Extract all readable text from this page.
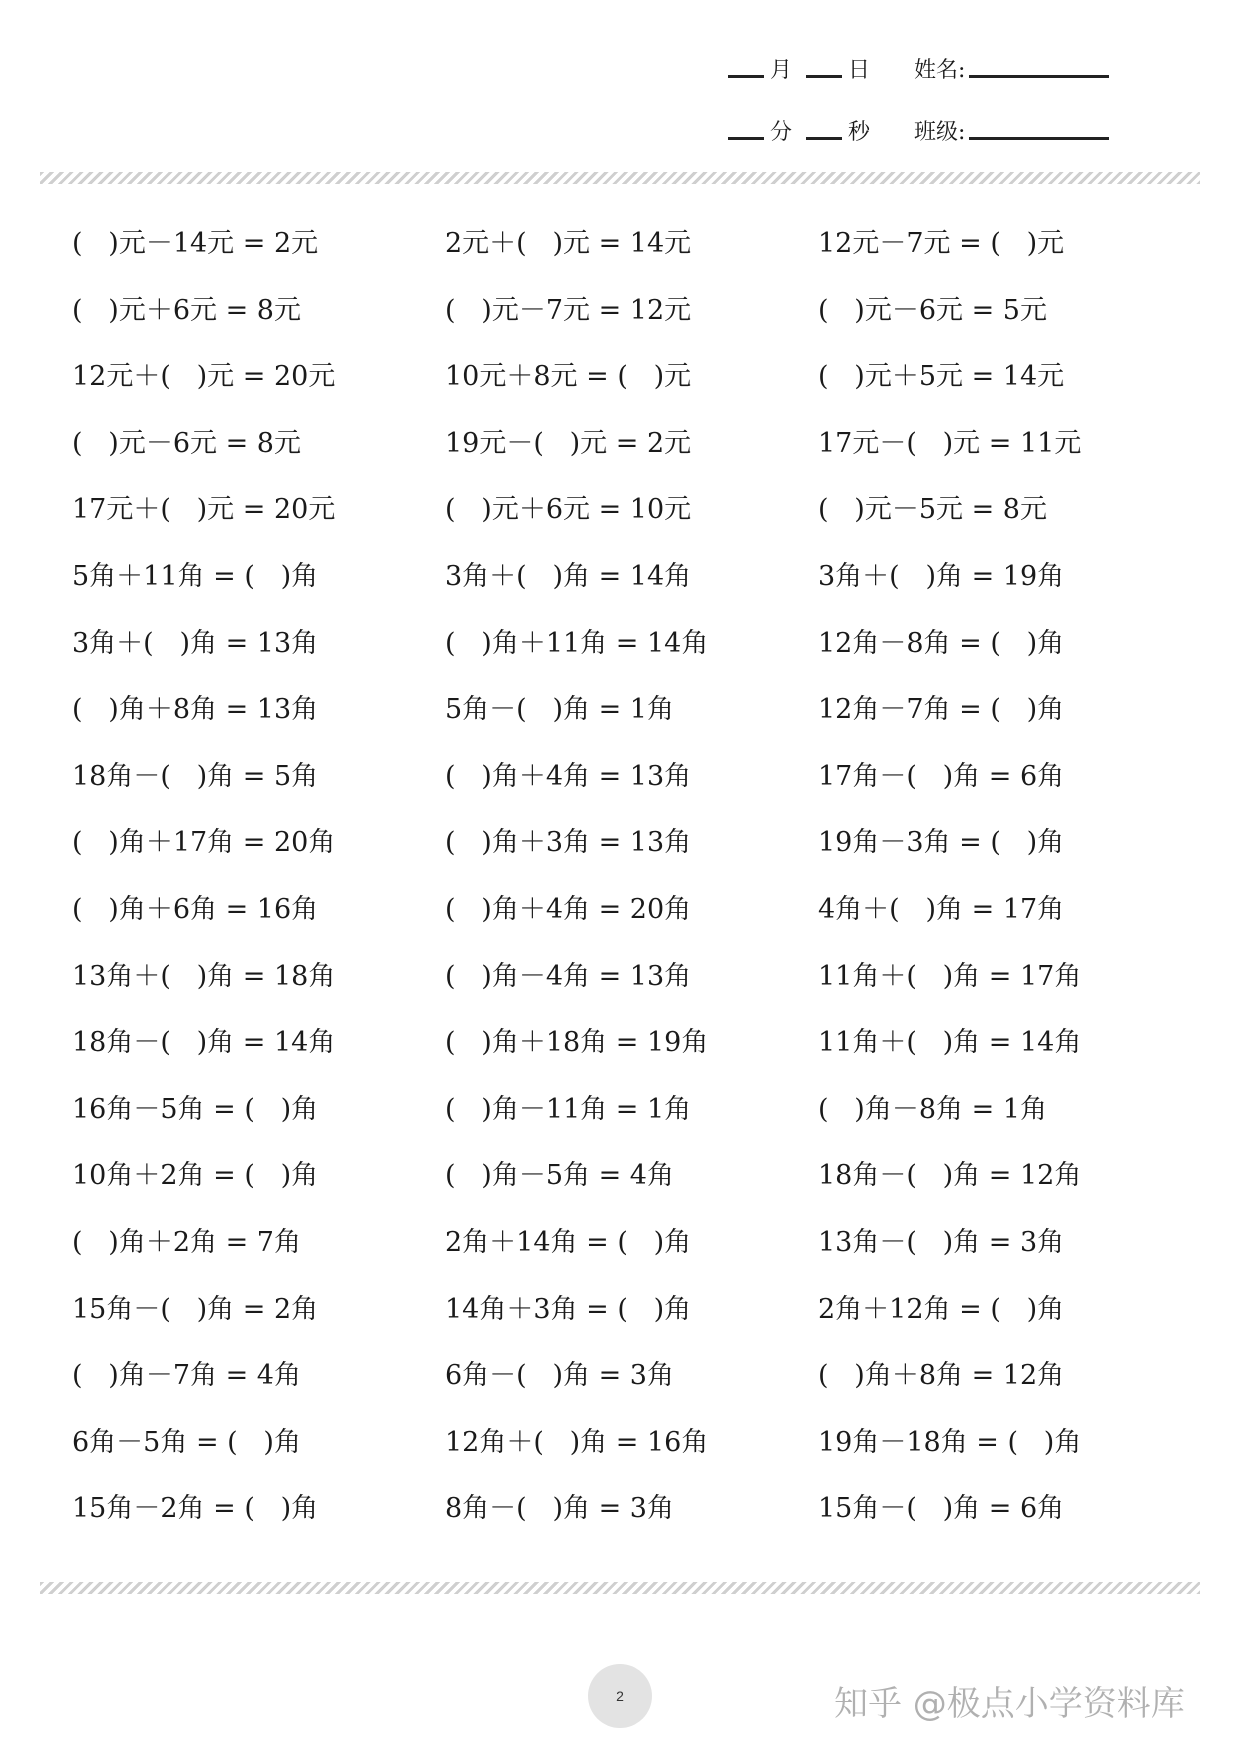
月	日 姓名:
分	秒 班级:
(   )元－14元 = 2元	2元＋(   )元 = 14元	12元－7元 = (   )元
(   )元＋6元 = 8元	(   )元－7元 = 12元	(   )元－6元 = 5元
12元＋(   )元 = 20元	10元＋8元 = (   )元	(   )元＋5元 = 14元
(   )元－6元 = 8元	19元－(   )元 = 2元	17元－(   )元 = 11元
17元＋(   )元 = 20元	(   )元＋6元 = 10元	(   )元－5元 = 8元
5角＋11角 = (   )角	3角＋(   )角 = 14角	3角＋(   )角 = 19角
3角＋(   )角 = 13角	(   )角＋11角 = 14角	12角－8角 = (   )角
(   )角＋8角 = 13角	5角－(   )角 = 1角	12角－7角 = (   )角
18角－(   )角 = 5角	(   )角＋4角 = 13角	17角－(   )角 = 6角
(   )角＋17角 = 20角	(   )角＋3角 = 13角	19角－3角 = (   )角
(   )角＋6角 = 16角	(   )角＋4角 = 20角	4角＋(   )角 = 17角
13角＋(   )角 = 18角	(   )角－4角 = 13角	11角＋(   )角 = 17角
18角－(   )角 = 14角	(   )角＋18角 = 19角	11角＋(   )角 = 14角
16角－5角 = (   )角	(   )角－11角 = 1角	(   )角－8角 = 1角
10角＋2角 = (   )角	(   )角－5角 = 4角	18角－(   )角 = 12角
(   )角＋2角 = 7角	2角＋14角 = (   )角	13角－(   )角 = 3角
15角－(   )角 = 2角	14角＋3角 = (   )角	2角＋12角 = (   )角
(   )角－7角 = 4角	6角－(   )角 = 3角	(   )角＋8角 = 12角
6角－5角 = (   )角	12角＋(   )角 = 16角	19角－18角 = (   )角
15角－2角 = (   )角	8角－(   )角 = 3角	15角－(   )角 = 6角
2	知乎 @极点小学资料库
